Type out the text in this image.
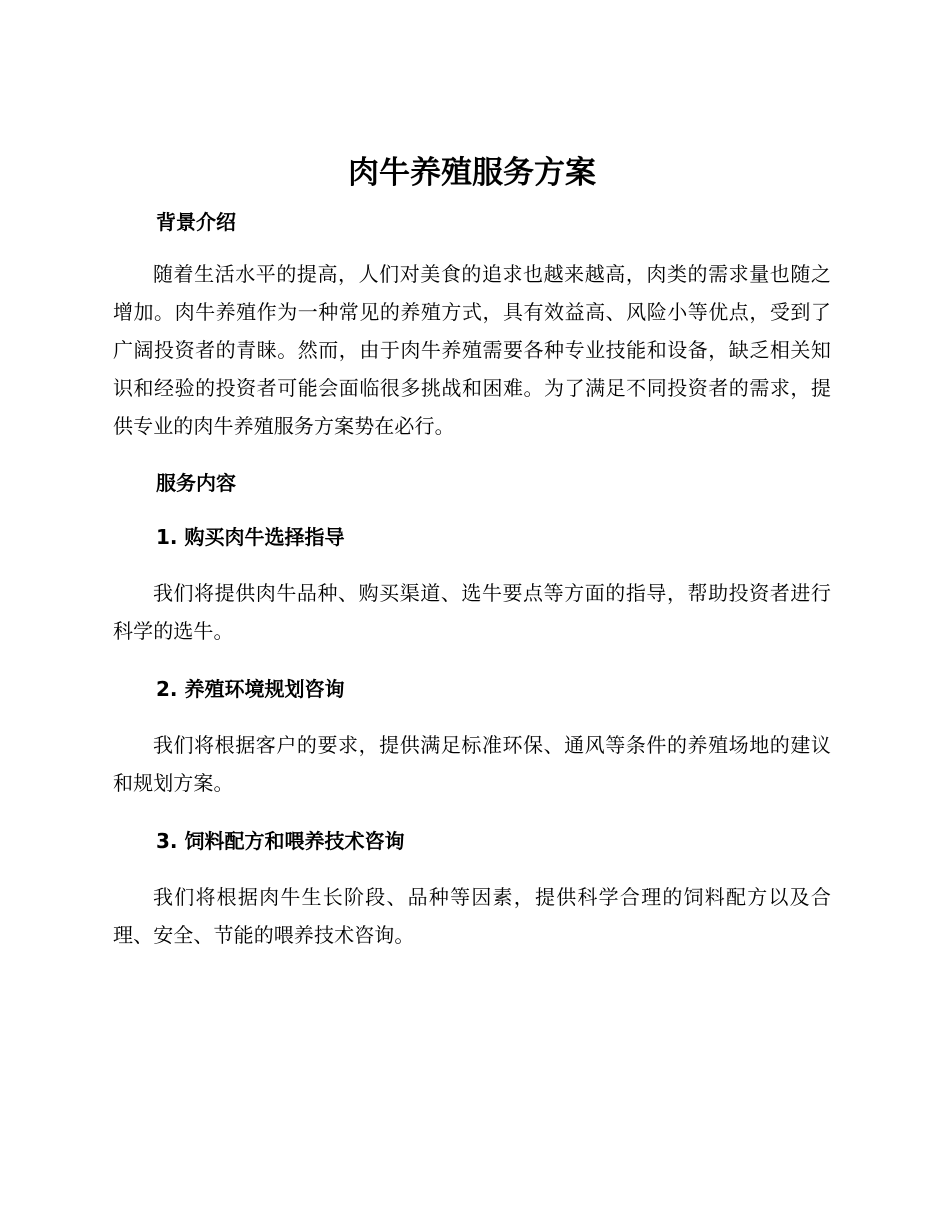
肉牛养殖服务方案
背景介绍

随着生活水平的提高，人们对美食的追求也越来越高，肉类的需求量也随之增加。肉牛养殖作为一种常见的养殖方式，具有效益高、风险小等优点，受到了广阔投资者的青睐。然而，由于肉牛养殖需要各种专业技能和设备，缺乏相关知识和经验的投资者可能会面临很多挑战和困难。为了满足不同投资者的需求，提供专业的肉牛养殖服务方案势在必行。

服务内容
1. 购买肉牛选择指导

我们将提供肉牛品种、购买渠道、选牛要点等方面的指导，帮助投资者进行科学的选牛。

2. 养殖环境规划咨询

我们将根据客户的要求，提供满足标准环保、通风等条件的养殖场地的建议和规划方案。

3. 饲料配方和喂养技术咨询

我们将根据肉牛生长阶段、品种等因素，提供科学合理的饲料配方以及合理、安全、节能的喂养技术咨询。
